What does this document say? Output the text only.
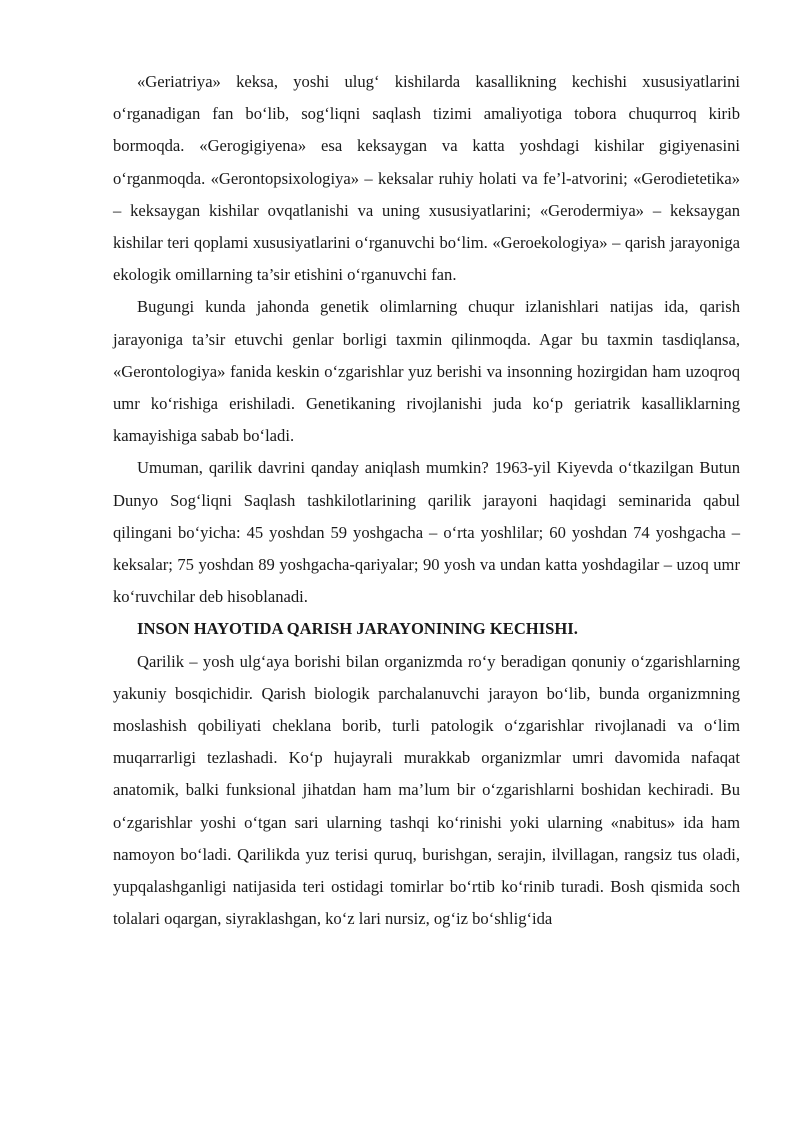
«Geriatriya» keksa, yoshi ulug‘ kishilarda kasallikning kechishi xususiyatlarini o‘rganadigan fan bo‘lib, sog‘liqni saqlash tizimi amaliyotiga tobora chuqurroq kirib bormoqda. «Gerogigiyena» esa keksaygan va katta yoshdagi kishilar gigiyenasini o‘rganmoqda. «Gerontopsixologiya» – keksalar ruhiy holati va fe’l-atvorini; «Gerodietetika» – keksaygan kishilar ovqatlanishi va uning xususiyatlarini; «Gerodermiya» – keksaygan kishilar teri qoplami xususiyatlarini o‘rganuvchi bo‘lim. «Geroekologiya» – qarish jarayoniga ekologik omillarning ta’sir etishini o‘rganuvchi fan.

Bugungi kunda jahonda genetik olimlarning chuqur izlanishlari natijas ida, qarish jarayoniga ta’sir etuvchi genlar borligi taxmin qilinmoqda. Agar bu taxmin tasdiqlansa, «Gerontologiya» fanida keskin o‘zgarishlar yuz berishi va insonning hozirgidan ham uzoqroq umr ko‘rishiga erishiladi. Genetikaning rivojlanishi juda ko‘p geriatrik kasalliklarning kamayishiga sabab bo‘ladi.

Umuman, qarilik davrini qanday aniqlash mumkin? 1963-yil Kiyevda o‘tkazilgan Butun Dunyo Sog‘liqni Saqlash tashkilotlarining qarilik jarayoni haqidagi seminarida qabul qilingani bo‘yicha: 45 yoshdan 59 yoshgacha – o‘rta yoshlilar; 60 yoshdan 74 yoshgacha – keksalar; 75 yoshdan 89 yoshgacha-qariyalar; 90 yosh va undan katta yoshdagilar – uzoq umr ko‘ruvchilar deb hisoblanadi.

INSON HAYOTIDA QARISH JARAYONINING KECHISHI.

Qarilik – yosh ulg‘aya borishi bilan organizmda ro‘y beradigan qonuniy o‘zgarishlarning yakuniy bosqichidir. Qarish biologik parchalanuvchi jarayon bo‘lib, bunda organizmning moslashish qobiliyati cheklana borib, turli patologik o‘zgarishlar rivojlanadi va o‘lim muqarrarligi tezlashadi. Ko‘p hujayrali murakkab organizmlar umri davomida nafaqat anatomik, balki funksional jihatdan ham ma’lum bir o‘zgarishlarni boshidan kechiradi. Bu o‘zgarishlar yoshi o‘tgan sari ularning tashqi ko‘rinishi yoki ularning «nabitus» ida ham namoyon bo‘ladi. Qarilikda yuz terisi quruq, burishgan, serajin, ilvillagan, rangsiz tus oladi, yupqalashganligi natijasida teri ostidagi tomirlar bo‘rtib ko‘rinib turadi. Bosh qismida soch tolalari oqargan, siyraklashgan, ko‘z lari nursiz, og‘iz bo‘shlig‘ida
